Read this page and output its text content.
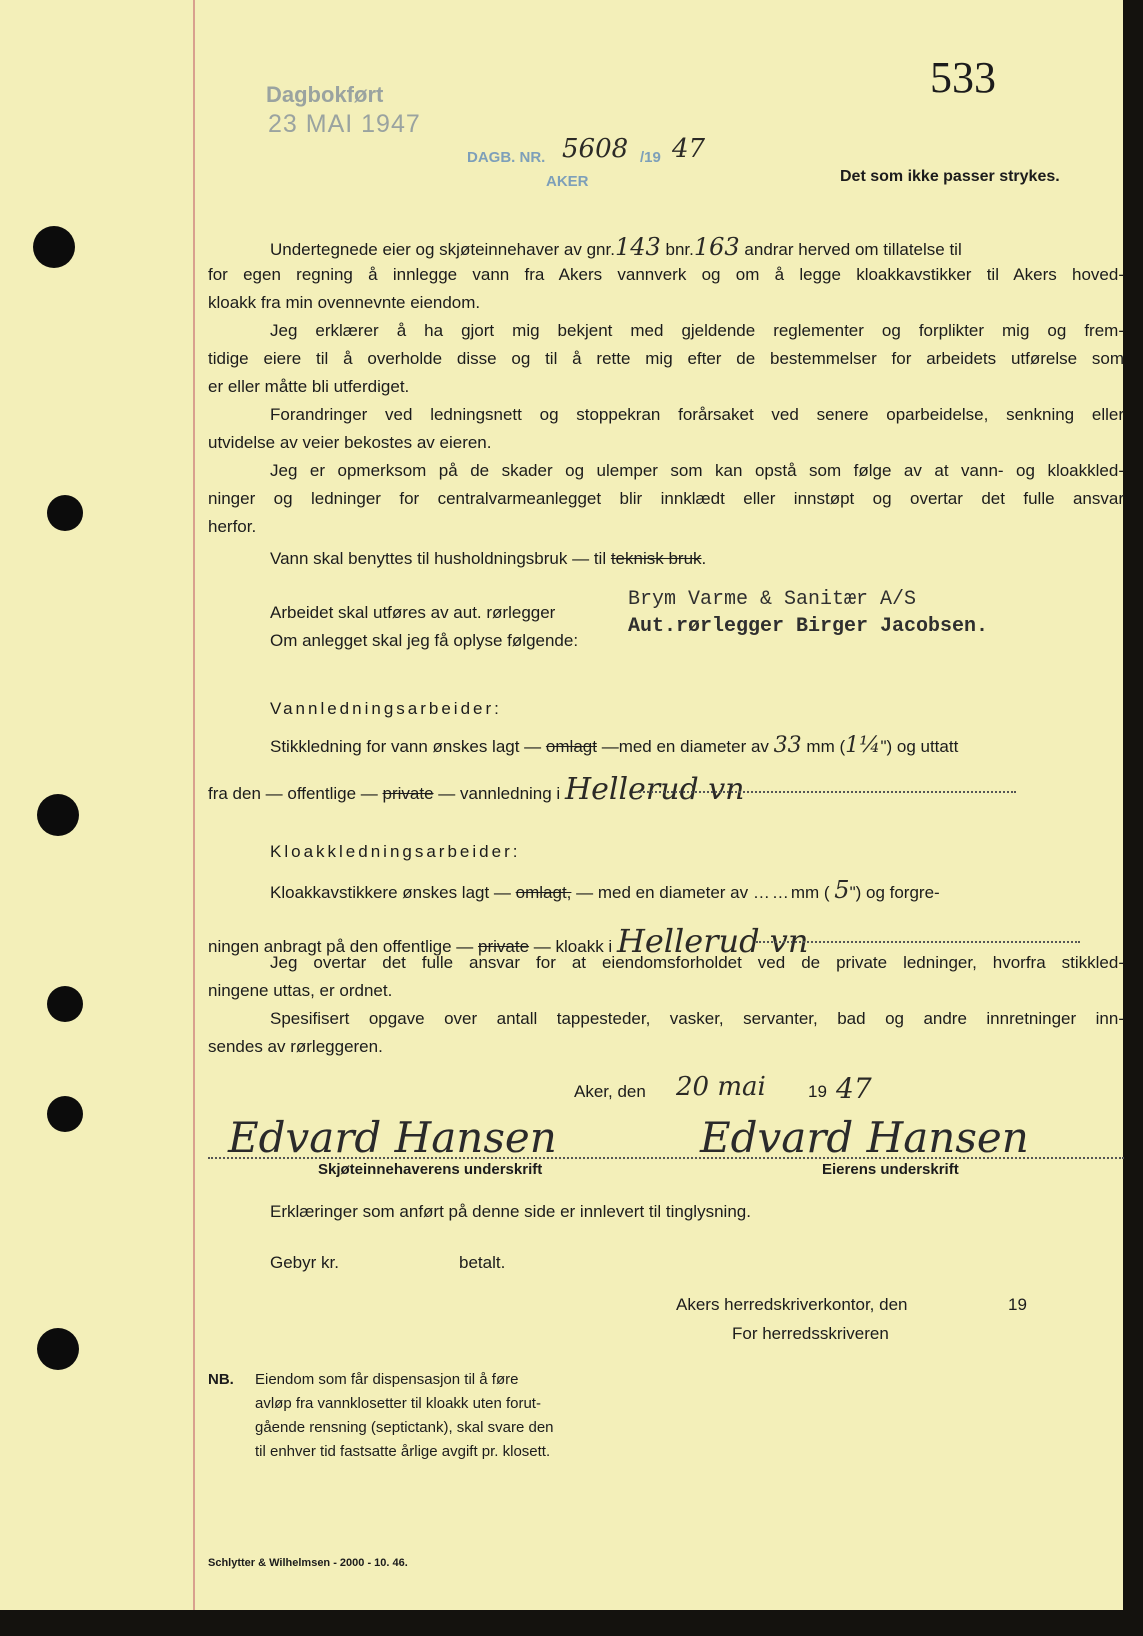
533
Dagbokført
23 MAI 1947
DAGB. NR. 5608 /19 47
AKER	Det som ikke passer strykes.
Undertegnede eier og skjøteinnehaver av gnr.143 bnr.163 andrar herved om tillatelse til
for egen regning å innlegge vann fra Akers vannverk og om å legge kloakkavstikker til Akers hoved-
kloakk fra min ovennevnte eiendom.
Jeg erklærer å ha gjort mig bekjent med gjeldende reglementer og forplikter mig og frem-
tidige eiere til å overholde disse og til å rette mig efter de bestemmelser for arbeidets utførelse som
er eller måtte bli utferdiget.
Forandringer ved ledningsnett og stoppekran forårsaket ved senere oparbeidelse, senkning eller
utvidelse av veier bekostes av eieren.
Jeg er opmerksom på de skader og ulemper som kan opstå som følge av at vann- og kloakkled-
ninger og ledninger for centralvarmeanlegget blir innklædt eller innstøpt og overtar det fulle ansvar
herfor.
Vann skal benyttes til husholdningsbruk — til teknisk bruk.
Arbeidet skal utføres av aut. rørlegger
Brym Varme & Sanitær A/S
Om anlegget skal jeg få oplyse følgende:
Aut.rørlegger Birger Jacobsen.
Vannledningsarbeider:
Stikkledning for vann ønskes lagt — omlagt —med en diameter av 33 mm (1¼") og uttatt
fra den — offentlige — private — vannledning i Hellerud vn
Kloakkledningsarbeider:
Kloakkavstikkere ønskes lagt — omlagt, — med en diameter av ……mm ( 5") og forgre-
ningen anbragt på den offentlige — private — kloakk i Hellerud vn
Jeg overtar det fulle ansvar for at eiendomsforholdet ved de private ledninger, hvorfra stikkled-
ningene uttas, er ordnet.
Spesifisert opgave over antall tappesteder, vasker, servanter, bad og andre innretninger inn-
sendes av rørleggeren.
Aker, den 20 mai 19 47
Edvard Hansen	Edvard Hansen
Skjøteinnehaverens underskrift	Eierens underskrift
Erklæringer som anført på denne side er innlevert til tinglysning.
Gebyr kr.	betalt.
Akers herredskriverkontor, den	19
For herredsskriveren
NB. Eiendom som får dispensasjon til å føre
avløp fra vannklosetter til kloakk uten forut-
gående rensning (septictank), skal svare den
til enhver tid fastsatte årlige avgift pr. klosett.
Schlytter & Wilhelmsen - 2000 - 10. 46.
